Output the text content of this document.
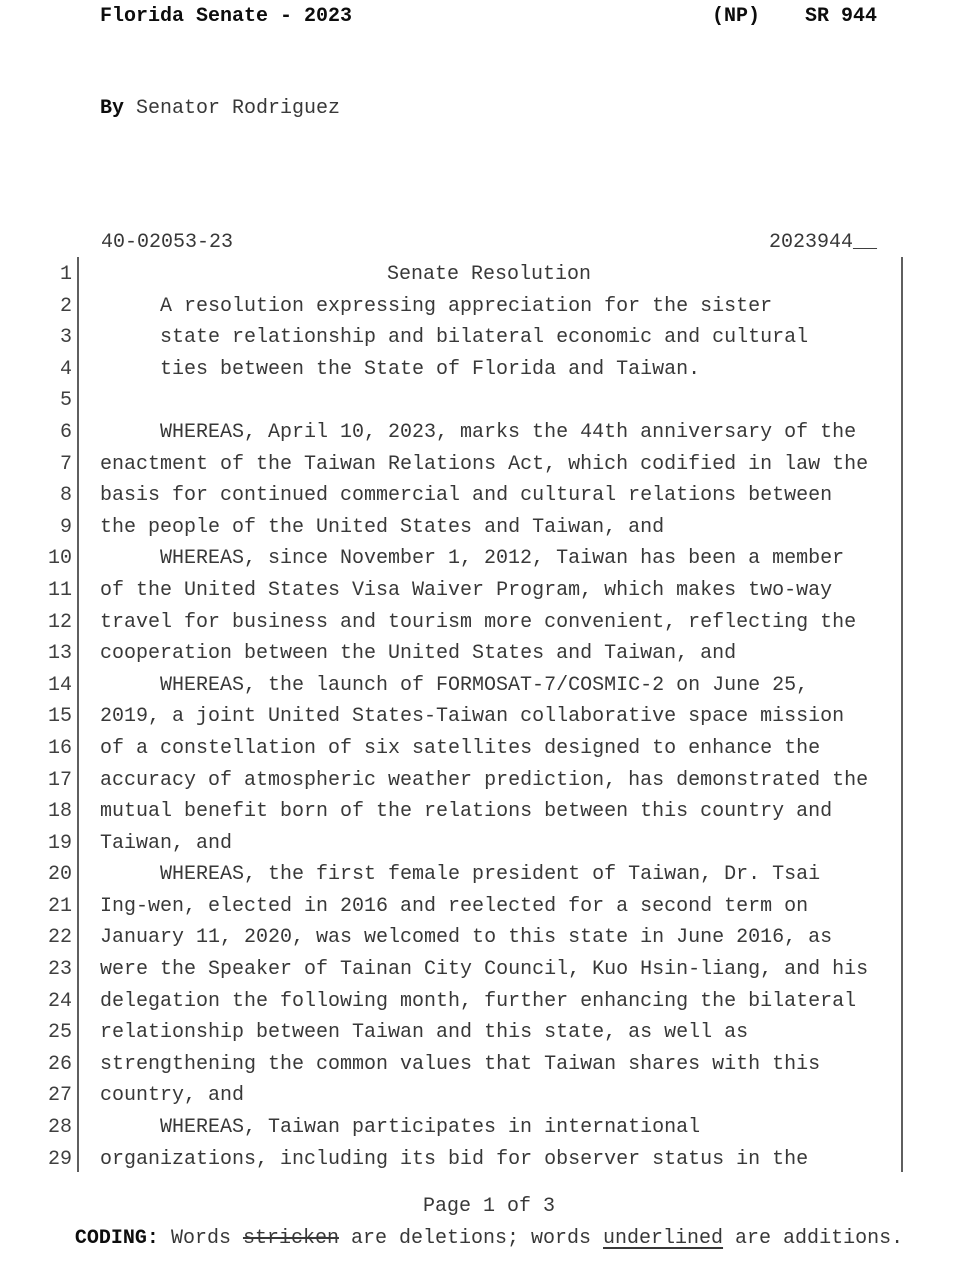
Florida Senate - 2023	(NP) SR 944
By Senator Rodriguez
40-02053-23	2023944__
1	Senate Resolution
2	A resolution expressing appreciation for the sister
3	state relationship and bilateral economic and cultural
4	ties between the State of Florida and Taiwan.
5
6	WHEREAS, April 10, 2023, marks the 44th anniversary of the
7 enactment of the Taiwan Relations Act, which codified in law the
8 basis for continued commercial and cultural relations between
9 the people of the United States and Taiwan, and
10	WHEREAS, since November 1, 2012, Taiwan has been a member
11 of the United States Visa Waiver Program, which makes two-way
12 travel for business and tourism more convenient, reflecting the
13 cooperation between the United States and Taiwan, and
14	WHEREAS, the launch of FORMOSAT-7/COSMIC-2 on June 25,
15 2019, a joint United States-Taiwan collaborative space mission
16 of a constellation of six satellites designed to enhance the
17 accuracy of atmospheric weather prediction, has demonstrated the
18 mutual benefit born of the relations between this country and
19 Taiwan, and
20	WHEREAS, the first female president of Taiwan, Dr. Tsai
21 Ing-wen, elected in 2016 and reelected for a second term on
22 January 11, 2020, was welcomed to this state in June 2016, as
23 were the Speaker of Tainan City Council, Kuo Hsin-liang, and his
24 delegation the following month, further enhancing the bilateral
25 relationship between Taiwan and this state, as well as
26 strengthening the common values that Taiwan shares with this
27 country, and
28	WHEREAS, Taiwan participates in international
29 organizations, including its bid for observer status in the
Page 1 of 3
CODING: Words stricken are deletions; words underlined are additions.
